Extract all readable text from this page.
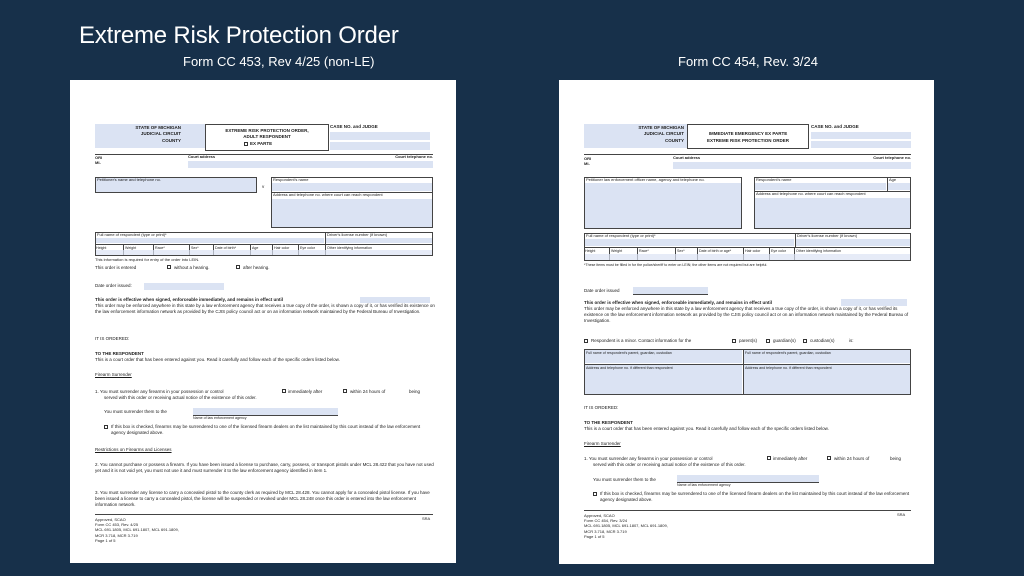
Extreme Risk Protection Order
Form CC 453, Rev 4/25 (non-LE)	Form CC 454, Rev. 3/24
STATE OF MICHIGAN
JUDICIAL CIRCUIT
COUNTY
EXTREME RISK PROTECTION ORDER,
ADULT RESPONDENT
EX PARTE
CASE NO. and JUDGE
ORI
MI-
Court address	Court telephone no.
Petitioner's name and telephone no.
v
Respondent's name
Address and telephone no. where court can reach respondent
Full name of respondent (type or print)*	Driver's license number (if known)
Height	Weight	Race*	Sex*	Date of birth*	Age	Hair color	Eye color	Other identifying information
This information is required for entry of the order into LEIN.
This order is entered	without a hearing.	after hearing.
Date order issued:
This order is effective when signed, enforceable immediately, and remains in effect until
This order may be enforced anywhere in this state by a law enforcement agency that receives a true copy of the order, is shown a copy of it, or has verified its existence on the law enforcement information network as provided by the CJIS policy council act or on an information network maintained by the Federal Bureau of Investigation.
IT IS ORDERED:
TO THE RESPONDENT
This is a court order that has been entered against you. Read it carefully and follow each of the specific orders listed below.
Firearm Surrender
1. You must surrender any firearms in your possession or control	immediately after	within 24 hours of	being
served with this order or receiving actual notice of the existence of this order.
You must surrender them to the
Name of law enforcement agency
If this box is checked, firearms may be surrendered to one of the licensed firearm dealers on the list maintained by this court instead of the law enforcement agency designated above.
Restrictions on Firearms and Licenses
2. You cannot purchase or possess a firearm. If you have been issued a license to purchase, carry, possess, or transport pistols under MCL 28.422 that you have not used yet and it is not void yet, you must not use it and must surrender it to the law enforcement agency identified in item 1.
3. You must surrender any license to carry a concealed pistol to the county clerk as required by MCL 28.428. You cannot apply for a concealed pistol license. If you have been issued a license to carry a concealed pistol, the license will be suspended or revoked under MCL 28.248 once this order is entered into the law enforcement information network.
Approved, SCAO
Form CC 453, Rev. 4/25
MCL 691.1805, MCL 691.1807, MCL 691.1809,
MCR 3.718, MCR 3.719
Page 1 of 5
SRA
STATE OF MICHIGAN
JUDICIAL CIRCUIT
COUNTY
IMMEDIATE EMERGENCY EX PARTE
EXTREME RISK PROTECTION ORDER
CASE NO. and JUDGE
ORI
MI-
Court address	Court telephone no.
Petitioner law enforcement officer name, agency and telephone no.	Respondent's name	Age
Address and telephone no. where court can reach respondent
Full name of respondent (type or print)*	Driver's license number (if known)
Height	Weight	Race*	Sex*	Date of birth or age*	Hair color	Eye color	Other identifying information
*These items must be filled in for the police/sheriff to enter on LEIN; the other items are not required but are helpful.
Date order issued
This order is effective when signed, enforceable immediately, and remains in effect until
This order may be enforced anywhere in this state by a law enforcement agency that receives a true copy of the order, is shown a copy of it, or has verified its existence on the law enforcement information network as provided by the CJIS policy council act or on an information network maintained by the Federal Bureau of Investigation.
Respondent is a minor. Contact information for the	parent(s)	guardian(s)	custodian(s)	is:
Full name of respondent's parent, guardian, custodian	Full name of respondent's parent, guardian, custodian
Address and telephone no. if different than respondent	Address and telephone no. if different than respondent
IT IS ORDERED:
TO THE RESPONDENT
This is a court order that has been entered against you. Read it carefully and follow each of the specific orders listed below.
Firearm Surrender
1. You must surrender any firearms in your possession or control	immediately after	within 24 hours of	being
served with this order or receiving actual notice of the existence of this order.
You must surrender them to the
Name of law enforcement agency
If this box is checked, firearms may be surrendered to one of the licensed firearm dealers on the list maintained by this court instead of the law enforcement agency designated above.
Approved, SCAO
Form CC 454, Rev. 3/24
MCL 691.1805, MCL 691.1807, MCL 691.1809,
MCR 3.718, MCR 3.719
Page 1 of 5
SRA
